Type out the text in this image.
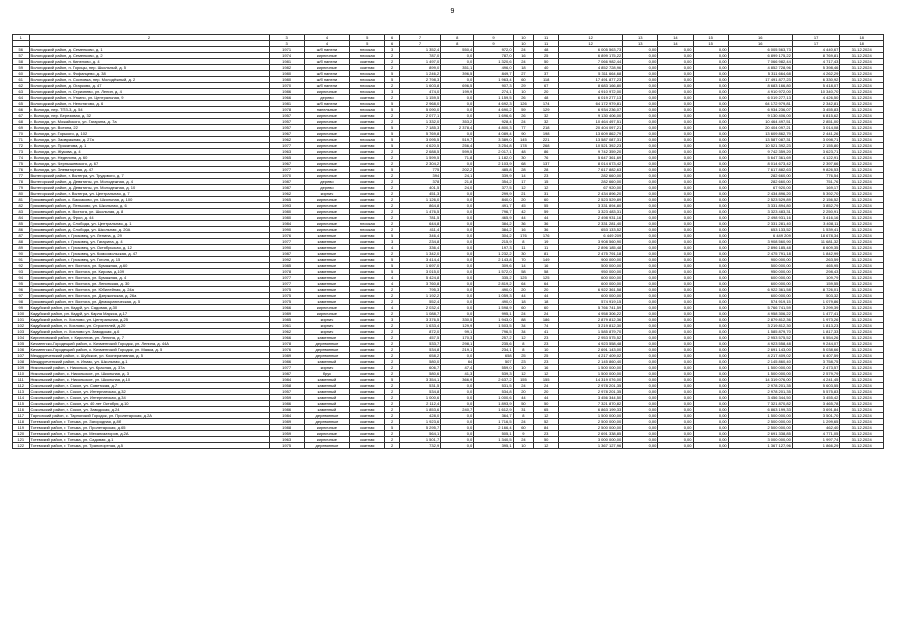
9
1	2	3	4	5	6	7	8	9	10	11	12	13	14	15	16	17	18
		3	4	5	6	7	8	9	10	11	12	13	14	15	16	17	18
56	Вологодский район, д. Семенково, д. 1	1971	ж/б панели	плоская	3	1 352,4	550,4	972,0	24	48	6 005 563,73	0,00	0,00	0,00	6 005 563,73	4 440,67	31.12.2024
57	Вологодский район, д. Семенково, д. 2	1974	кирпичные	плоская	2	787,0	0,0	787,0	16	25	6 899 175,22	0,00	0,00	0,00	6 899 175,22	8 769,81	31.12.2024
58	Вологодский район, п. Кипелово, д. 4	1981	ж/б панели	скатная	2	1 497,0	0,0	1 320,6	24	50	7 066 982,44	0,00	0,00	0,00	7 066 982,44	4 717,43	31.12.2024
59	Вологодский район, п. Горицы, пер. Школьный, д. 5	1982	кирпичные	скатная	2	899,0	351,1	496,0	18	40	4 852 728,96	0,00	0,00	0,00	4 852 728,96	5 398,46	31.12.2024
60	Вологодский район, с. Фофанцево, д. 38	1980	ж/б панели	плоская	5	1 246,2	396,5	849,7	27	37	5 311 664,68	0,00	0,00	0,00	5 311 664,68	4 262,29	31.12.2024
61	Вологодский район, п. Сосновка, пер. Молодёжный, д. 2	1980	ж/б панели	плоская	5	2 798,3	0,0	1 963,4	60	118	17 491 877,23	0,00	0,00	0,00	17 491 877,23	6 330,92	31.12.2024
62	Вологодский район, д. Огарково, д. 47	1970	ж/б панели	плоская	2	1 603,8	696,5	907,3	29	67	8 683 166,80	0,00	0,00	0,00	8 683 166,80	5 418,07	31.12.2024
63	Вологодский район, п. Стризнево, ул. Ленин, д. 4	1986	кирпичные	плоская	3	474,0	199,9	274,1	10	20	4 910 972,00	0,00	0,00	0,00	4 910 972,00	10 340,70	31.12.2024
64	Вологодский район, п. Уткино, ул. Центральная, 9	1966	дерево	скатная	2	1 159,5	0,0	1 159,5	26	48	6 019 277,13	0,00	0,00	0,00	6 019 277,13	4 426,50	31.12.2024
65	Вологодский район, п. Непотягово, д. 6	1981	ж/б панели	плоская	5	2 968,0	0,0	4 692,3	126	174	64 172 979,81	0,00	0,00	0,00	64 172 979,81	2 342,81	31.12.2024
66	г. Вологда, пер. ТПЗ-3, д. 54	1978	панельные	плоская	5	5 090,0	0,0	4 690,2	59	129	6 934 236,07	0,00	0,00	0,00	6 934 236,07	3 455,83	31.12.2024
67	г. Вологда, пер. Березовая, д. 32	1957	кирпичные	скатная	2	2 077,1	0,0	1 696,6	26	32	9 130 406,00	0,00	0,00	0,00	9 130 406,00	6 815,62	31.12.2024
68	г. Вологда, ул. Можайского, ул. Гагарина, д. 7а	1957	кирпичные	скатная	2	1 332,0	353,2	928,4	24	32	10 464 497,51	0,00	0,00	0,00	10 464 497,51	2 851,00	31.12.2024
69	г. Вологда, ул. Всеяна, 22	1957	кирпичные	скатная	5	7 185,3	2 378,4	4 800,3	77	218	20 404 097,21	0,00	0,00	0,00	20 404 097,21	3 014,08	31.12.2024
70	г. Вологда, ул. Горького, д. 102	1967	кирпичные	скатная	5	5 769,8	0,0	4 089,4	90	198	13 609 862,79	0,00	0,00	0,00	13 609 862,79	2 441,26	31.12.2024
71	г. Вологда, ул. Заовражная, д. 27а	1962	кирпичные	плоская	5	3 095,5	519,7	3 389,0	145	221	13 587 087,31	0,00	0,00	0,00	13 587 087,31	3 098,71	31.12.2024
72	г. Вологда, ул. Прокатова, д. 1	1977	кирпичные	скатная	5	4 620,5	256,4	3 254,8	178	268	10 521 392,23	0,00	0,00	0,00	10 521 392,23	2 155,80	31.12.2024
73	г. Вологда, ул. Жукова, д. 4	1963	кирпичные	скатная	2	2 688,5	599,5	2 017,1	48	86	9 742 359,20	0,00	0,00	0,00	9 742 359,20	3 623,71	31.12.2024
74	г. Вологда, ул. Неделина, д. 60	1965	кирпичные	скатная	2	1 599,5	71,8	1 182,0	30	76	5 647 361,69	0,00	0,00	0,00	5 647 361,69	4 122,91	31.12.2024
75	г. Вологда, ул. Чернышевского, д. 67	1967	кирпичные	скатная	2	2 304,2	0,0	2 103,9	68	137	8 014 673,42	0,00	0,00	0,00	8 014 673,42	2 397,66	31.12.2024
76	г. Вологда, ул. Элеваторная, д. 47	1977	кирпичные	скатная	5	775	202,2	485,8	28	28	7 617 882,63	0,00	0,00	0,00	7 617 882,63	9 826,53	31.12.2024
77	Вытегорский район, г. Вытегра, ул. Трудового, д. 7	1970	кирпичные	скатная	2	394	24,1	339,9	14	23	282 660,00	0,00	0,00	0,00	282 660,00	776,54	31.12.2024
78	Вытегорский район, д. Девятины, ул. Молодежная, д. 4	1987	дерево	скатная	2	378	21,8	354,2	17	15	282 660,00	0,00	0,00	0,00	282 660,00	751,76	31.12.2024
79	Вытегорский район, д. Девятины, ул. Молодежная, д. 10	1987	дерево	скатная	2	401,5	24,0	377,5	12	12	67 920,00	0,00	0,00	0,00	67 920,00	169,17	31.12.2024
80	Вытегорский район, г. Вытегра, ул. Центральная, д. 7	1962	кирпич	скатная	2	451,3	0,0	299,9	21	31	2 434 896,20	0,00	0,00	0,00	2 434 896,20	5 392,70	31.12.2024
81	Грязовецкий район, с. Баскаково, ул. Школьная, д. 100	1965	кирпичные	скатная	2	1 126,0	0,0	840,0	20	60	2 523 529,89	0,00	0,00	0,00	2 523 529,89	2 156,52	31.12.2024
82	Грязовецкий район, д. Пеньково, ул. Школьная, д. 6	1993	кирпичные	скатная	2	864,8	0,0	491,7	45	55	3 331 894,80	0,00	0,00	0,00	3 331 894,80	3 852,79	31.12.2024
83	Грязовецкий район, п. Вохтога, ул. Школьная, д. 8	1980	кирпичные	скатная	2	1 476,5	0,0	796,7	42	59	3 323 483,31	0,00	0,00	0,00	3 323 483,31	2 250,91	31.12.2024
84	Грязовецкий район, д. Фрол, д. 44	1980	кирпичные	скатная	2	781,5	0,0	465,9	44	44	2 498 931,16	0,00	0,00	0,00	2 498 931,16	3 416,16	31.12.2024
85	Грязовецкий район, д. Слобода, ул. Центральная, д. 1	1984	кирпичные	плоская	2	644,8	0,0	384,2	36	36	2 331 281,40	0,00	0,00	0,00	2 331 281,40	3 408,11	31.12.2024
86	Грязовецкий район, д. Слобода, ул. Школьная, д. 20А	1990	кирпичные	плоская	2	411,4	0,0	384,2	16	36	653 133,52	0,00	0,00	0,00	653 133,52	1 539,41	31.12.2024
87	Грязовецкий район, г. Грязовец, ул. Ленина, д. 29	1976	каменные	скатная	5	346,4	0,0	304,2	176	176	6 449 209	0,00	0,00	0,00	6 449 209	18 678,34	31.12.2024
88	Грязовецкий район, г. Грязовец, ул. Гагарина, д. 4	1977	каменные	скатная	3	234,8	0,0	215,9	8	19	3 908 560,90	0,00	0,00	0,00	3 908 560,90	11 681,32	31.12.2024
89	Грязовецкий район, г. Грязовец, ул. Октябрьская, д. 12	1990	каменные	скатная	4	336,4	0,0	197,3	11	11	2 896 185,48	0,00	0,00	0,00	2 896 185,48	8 609,35	31.12.2024
90	Грязовецкий район, г. Грязовец, ул. Комсомольская, д. 47	1987	каменные	скатная	2	1 342,0	0,0	1 232,2	30	81	2 475 791,18	0,00	0,00	0,00	2 475 791,18	1 842,99	31.12.2024
91	Грязовецкий район, г. Грязовец, ул. Гоголя, д. 15	1992	каменные	скатная	5	3 414,4	0,0	2 143,8	70	149	900 000,00	0,00	0,00	0,00	900 000,00	263,59	31.12.2024
92	Грязовецкий район, пгт. Вохтога, ул. Бумажная, д.60	1985	каменные	скатная	5	1 697,0	0,0	309,6	14	16	500 000,00	0,00	0,00	0,00	500 000,00	465,95	31.12.2024
93	Грязовецкий район, пгт. Вохтога, ул. Кирова, д.109	1978	каменные	скатная	5	3 015,0	0,0	1 572,0	58	58	950 000,00	0,00	0,00	0,00	950 000,00	298,43	31.12.2024
94	Грязовецкий район, пгт. Вохтога, ул. Бумажная, д. 4	1977	каменные	скатная	4	5 424,8	0,0	335,2	125	125	600 000,00	0,00	0,00	0,00	600 000,00	109,79	31.12.2024
95	Грязовецкий район, пгт. Вохтога, ул. Ленинская, д. 30	1977	каменные	скатная	4	3 760,8	0,0	2 819,2	64	64	600 000,00	0,00	0,00	0,00	600 000,00	159,55	31.12.2024
96	Грязовецкий район, пгт. Вохтога, ул. Юбилейная, д. 24а	1975	каменные	скатная	2	795,3	0,0	490,0	20	20	6 922 361,58	0,00	0,00	0,00	6 922 361,58	8 726,01	31.12.2024
97	Грязовецкий район, пгт. Вохтога, ул. Дзержинская, д. 26а	1975	каменные	скатная	2	1 192,2	0,0	1 059,3	44	44	600 000,00	0,00	0,00	0,00	600 000,00	503,32	31.12.2024
98	Грязовецкий район, пгт. Вохтога, ул. Демократическая, д. 5	1975	каменные	скатная	2	552,4	0,0	490,0	18	18	574 919,15	0,00	0,00	0,00	574 919,15	1 079,86	31.12.2024
99	Кадуйский район, рп. Кадуй, ул. Садовая, д.30	1966	кирпичные	скатная	4	2 032,4	0,0	1 598,9	60	60	5 766 741,59	0,00	0,00	0,00	5 766 741,59	3 299,39	31.12.2024
100	Кадуйский район, рп. Кадуй, ул. Карла Маркса, д.17	1989	кирпичные	скатная	2	1 088,7	0,0	995,1	24	24	4 958 306,22	0,00	0,00	0,00	4 958 306,22	1 477,41	31.12.2024
101	Кадуйский район, п. Хохлово, ул. Центральная, д.25	1985	кирпич	скатная	3	3 376,5	330,5	1 943,0	88	186	2 879 812,36	0,00	0,00	0,00	2 879 812,36	1 973,26	31.12.2024
102	Кадуйский район, п. Хохлово, ул. Строителей, д.20	1961	кирпич	скатная	2	1 633,4	129,9	1 503,5	34	74	3 219 812,30	0,00	0,00	0,00	3 219 812,30	1 813,23	31.12.2024
103	Кадуйский район, п. Хохлово ул. Заводская, д.6	1962	кирпич	скатная	2	872,0	99,1	796,5	34	41	1 585 879,70	0,00	0,00	0,00	1 585 879,70	1 817,33	31.12.2024
104	Кирилловский район, г. Кириллов, ул. Ленина, д. 7	1966	каменные	скатная	2	457,5	170,3	257,2	12	23	2 953 575,52	0,00	0,00	0,00	2 953 575,52	6 554,26	31.12.2024
105	Кичменгско-Городецкий район, с. Кичменгский Городок, ул. Ленина, д. 44А	1978	деревянные	скатная	2	533,7	298,1	235,6	8	23	4 923 558,48	0,00	0,00	0,00	4 923 558,48	9 244,07	31.12.2024
106	Кичменгско-Городецкий район, с. Кичменгский Городок, ул. Маяка, д. 5	1976	деревянные	скатная	2	534,8	219,1	234,1	8	10	2 691 143,00	0,00	0,00	0,00	2 691 143,00	5 038,66	31.12.2024
107	Междуреченский район, с. Шуйское, ул. Кооперативная, д. 5	1989	деревянные	скатная	2	658,2	0,0	658	25	25	4 217 409,02	0,00	0,00	0,00	4 217 409,02	6 407,59	31.12.2024
108	Междуреченский район, п. Игмас, ул. Школьная, д.1	1986	каменный	скатная	2	580,0	64	507	23	23	2 145 860,40	0,00	0,00	0,00	2 145 860,40	3 758,75	31.12.2024
109	Никольский район, г. Никольск, ул. Красная, д. 37а	1977	кирпич	скатная	2	606,7	47,4	559,0	10	16	1 500 000,00	0,00	0,00	0,00	1 500 000,00	2 473,57	31.12.2024
110	Никольский район, с. Никольское, ул. Школьная, д. 3	1987	брус	скатная	2	580,6	41,3	539,3	12	12	1 500 000,00	0,00	0,00	0,00	1 500 000,00	2 579,79	31.12.2024
111	Никольский район, с. Никольское, ул. Школьная, д.10	1984	каменный	скатная	5	3 354,1	366,9	2 637,2	155	155	14 319 076,00	0,00	0,00	0,00	14 319 076,00	4 241,45	31.12.2024
112	Сокольский район, г. Сокол, ул. Советская, д.7	1958	каменный	скатная	2	531,5	0,0	531,5	24	24	2 978 201,35	0,00	0,00	0,00	2 978 201,35	5 603,55	31.12.2024
113	Сокольский район, г. Сокол, ул. Интернатская, д.32	1957	каменный	скатная	2	534,8	0,0	534,8	20	20	2 978 201,35	0,00	0,00	0,00	2 978 201,35	5 575,83	31.12.2024
114	Сокольский район, г. Сокол, ул. Интернатская, д.34	1959	каменный	скатная	2	1 000,6	0,0	1 000,6	44	44	3 456 344,50	0,00	0,00	0,00	3 456 344,50	3 455,42	31.12.2024
115	Сокольский район, г. Сокол, ул. 40 лет Октября, д.10	1986	каменный	скатная	2	2 112,4	0,0	1 893,9	50	50	7 321 870,82	0,00	0,00	0,00	7 321 870,82	3 465,78	31.12.2024
116	Сокольский район, г. Сокол, ул. Заводская, д.24	1986	каменный	скатная	2	1 853,6	240,7	1 612,9	31	65	6 863 199,33	0,00	0,00	0,00	6 863 199,33	3 691,84	31.12.2024
117	Тарногский район, с. Тарногский Городок, ул. Пролетарская, д.2А	1984	деревянные	скатная	2	428,0	0,0	364,7	8	12	1 500 000,00	0,00	0,00	0,00	1 500 000,00	3 501,70	31.12.2024
118	Тотемский район, г. Тотьма, ул. Загородная, д.8б	1989	деревянные	скатная	2	1 923,6	0,0	1 716,5	24	52	2 500 000,00	0,00	0,00	0,00	2 500 000,00	1 299,65	31.12.2024
119	Тотемский район, г. Тотьма, ул. Пролетарская, д.65	1988	кирпичные	скатная	5	5 295,7	0,0	2 166,4	60	84	2 500 000,00	0,00	0,00	0,00	2 500 000,00	462,40	31.12.2024
120	Тотемский район, г. Тотьма, ул. Механизаторов, д.2А	1959	кирпичные	скатная	2	564,1	0,0	505,1	9	23	2 691 338,85	0,00	0,00	0,00	2 691 338,85	4 771,05	31.12.2024
121	Тотемский район, г. Тотьма, ул. Садовая, д.1	1963	кирпичные	скатная	2	1 501,7	0,0	1 340,5	24	50	3 000 000,00	0,00	0,00	0,00	3 000 000,00	1 997,74	31.12.2024
122	Тотемский район, г. Тотьма, ул. Транспортная, д.5	1975	деревянные	скатная	2	732,9	0,0	395,1	10	12	1 367 127,96	0,00	0,00	0,00	1 367 127,96	1 866,29	31.12.2024
